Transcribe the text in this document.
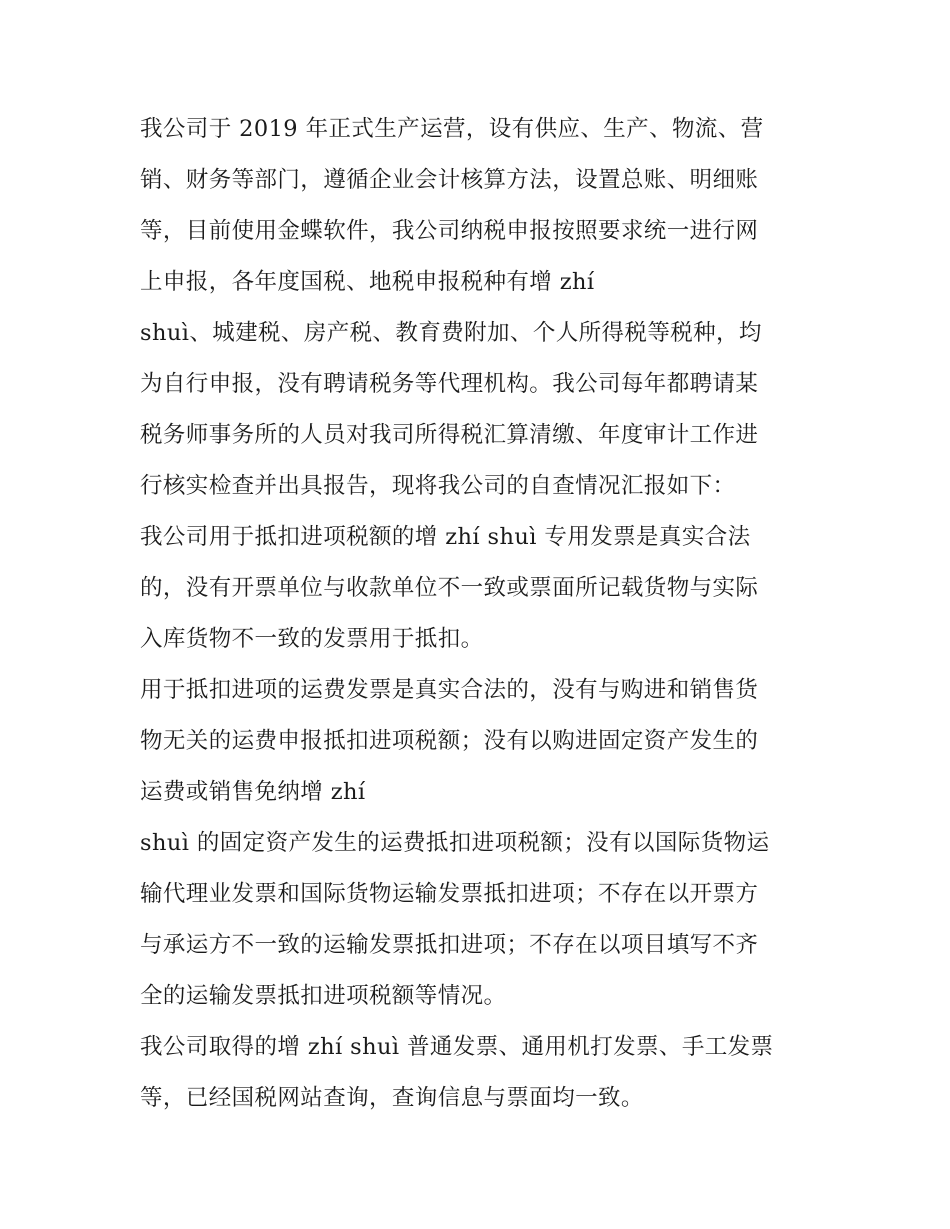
我公司于 2019 年正式生产运营，设有供应、生产、物流、营
销、财务等部门，遵循企业会计核算方法，设置总账、明细账
等，目前使用金蝶软件，我公司纳税申报按照要求统一进行网
上申报，各年度国税、地税申报税种有增 zhí
shuì、城建税、房产税、教育费附加、个人所得税等税种，均
为自行申报，没有聘请税务等代理机构。我公司每年都聘请某
税务师事务所的人员对我司所得税汇算清缴、年度审计工作进
行核实检查并出具报告，现将我公司的自查情况汇报如下：
我公司用于抵扣进项税额的增 zhí shuì 专用发票是真实合法
的，没有开票单位与收款单位不一致或票面所记载货物与实际
入库货物不一致的发票用于抵扣。
用于抵扣进项的运费发票是真实合法的，没有与购进和销售货
物无关的运费申报抵扣进项税额；没有以购进固定资产发生的
运费或销售免纳增 zhí
shuì 的固定资产发生的运费抵扣进项税额；没有以国际货物运
输代理业发票和国际货物运输发票抵扣进项；不存在以开票方
与承运方不一致的运输发票抵扣进项；不存在以项目填写不齐
全的运输发票抵扣进项税额等情况。
我公司取得的增 zhí shuì 普通发票、通用机打发票、手工发票
等，已经国税网站查询，查询信息与票面均一致。
